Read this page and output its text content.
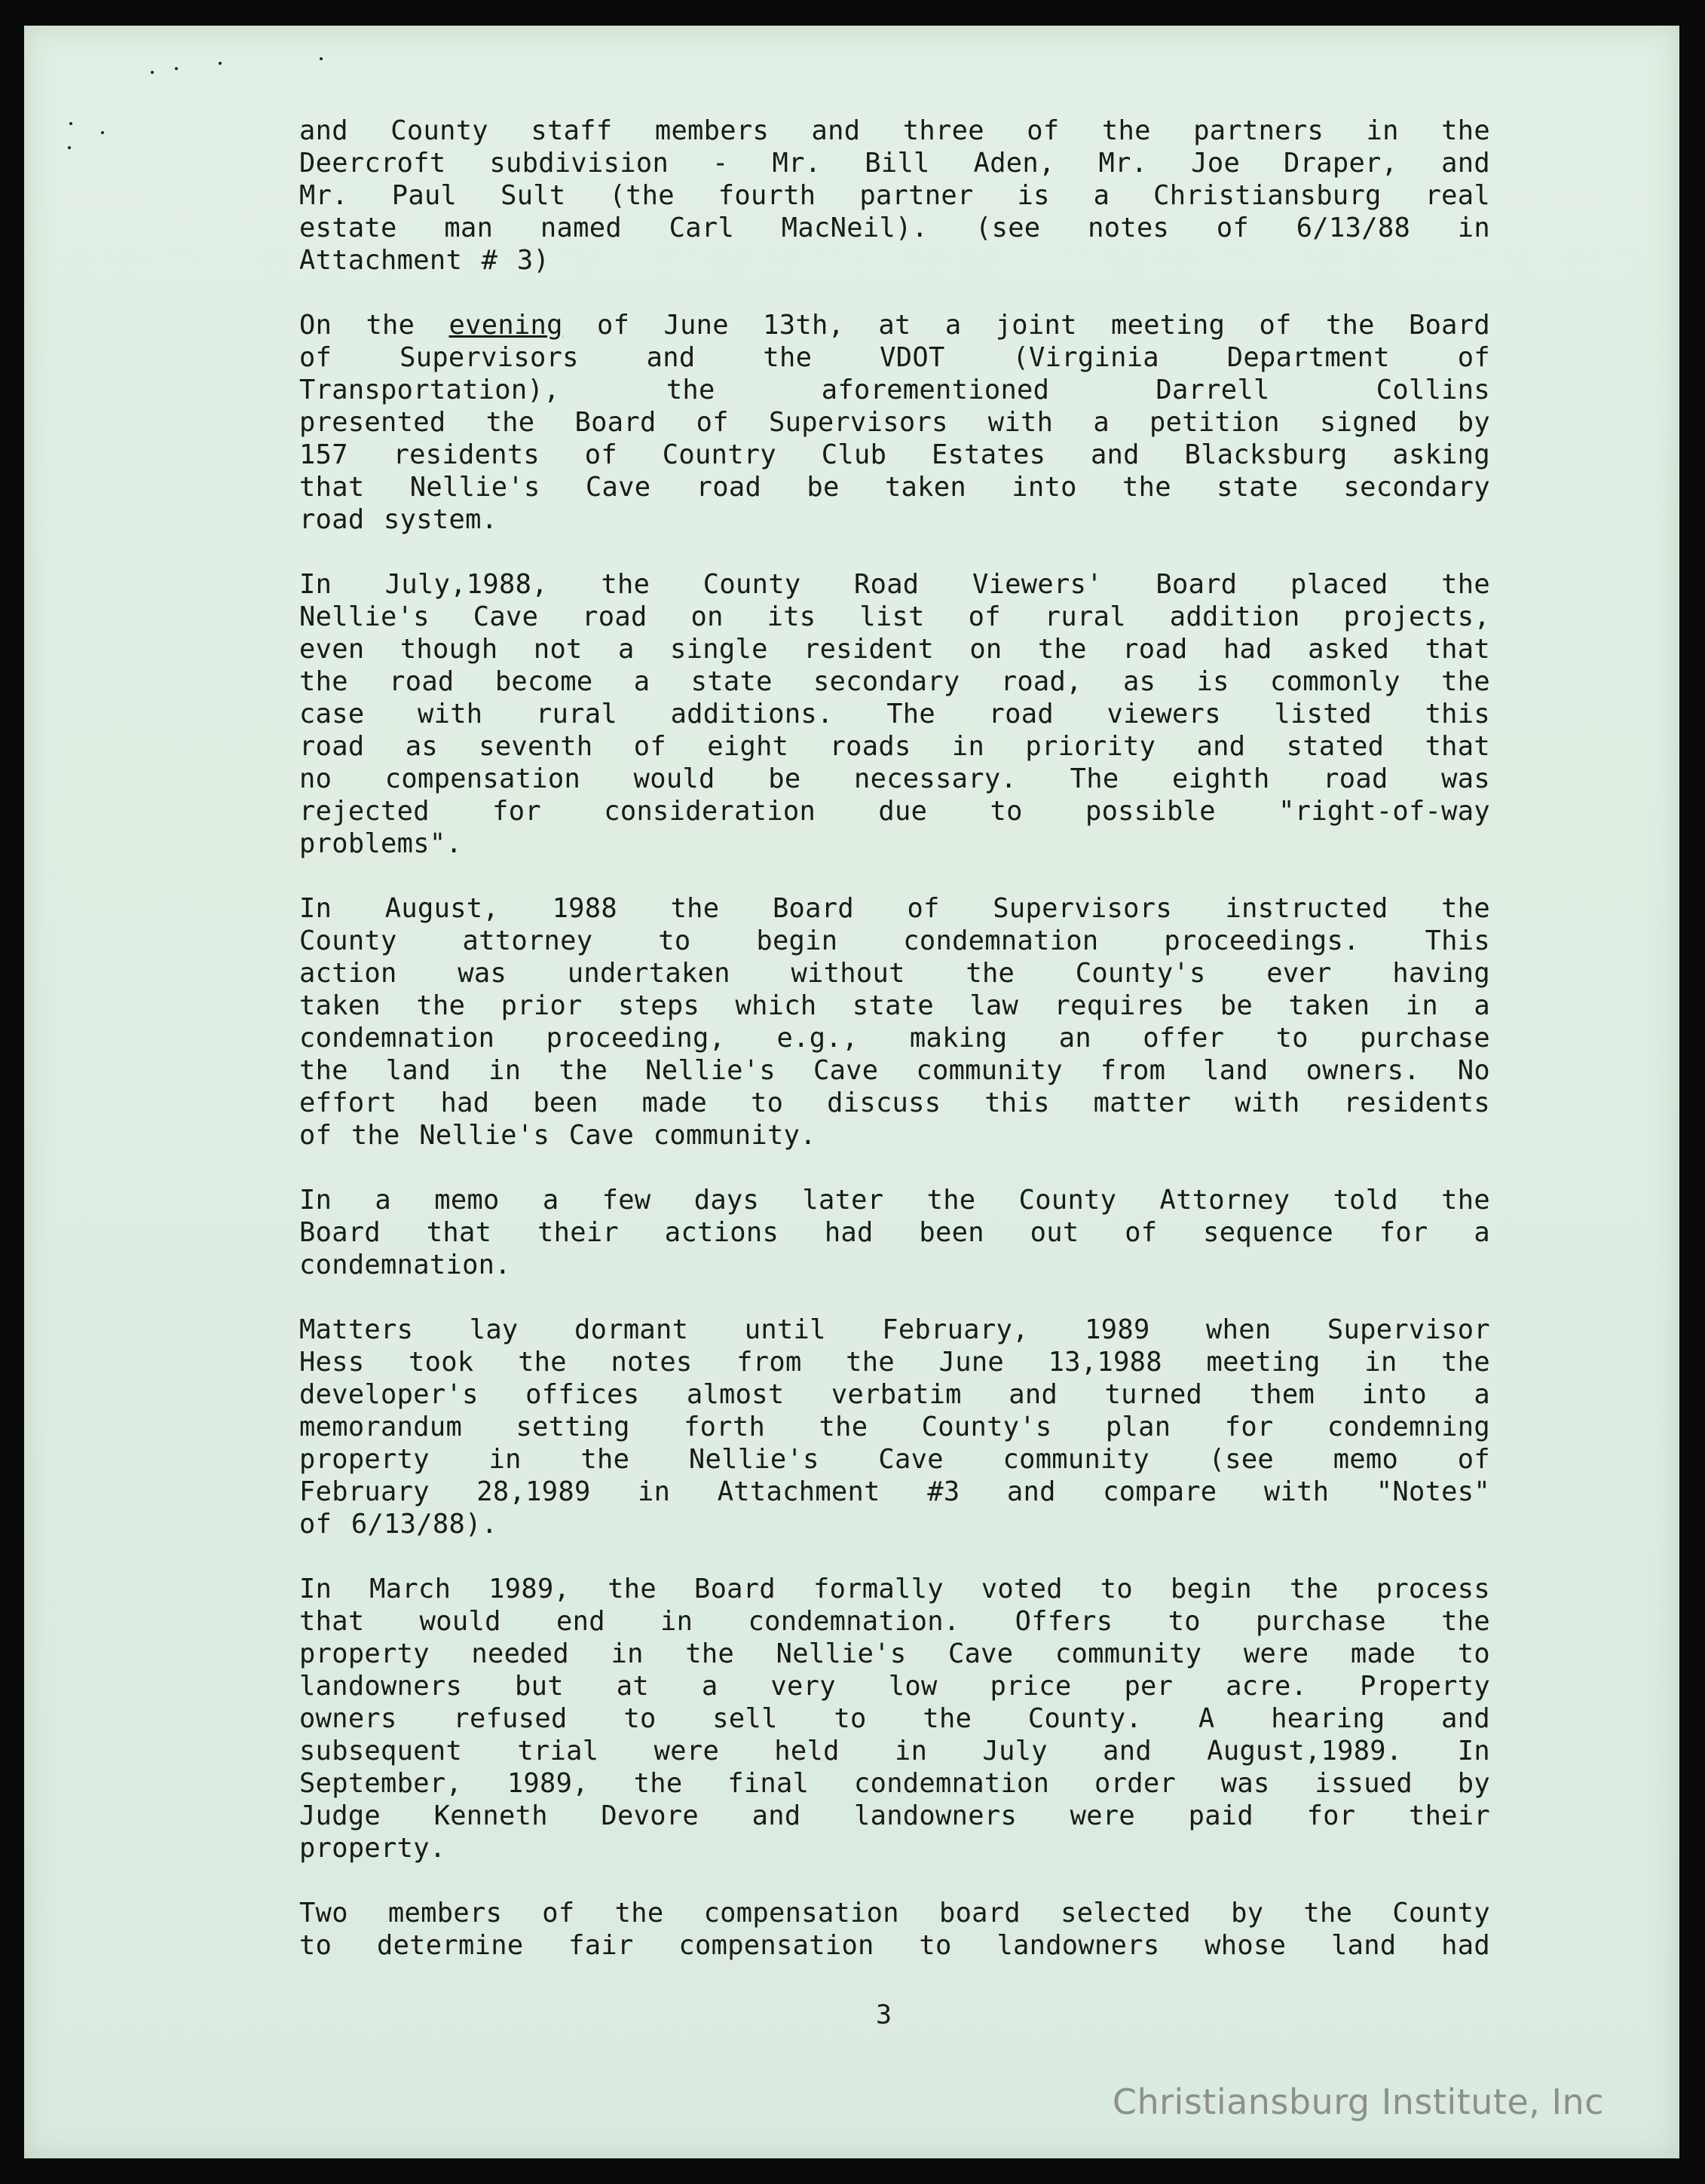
and County staff members and three of the partners in the
Deercroft subdivision - Mr. Bill Aden, Mr. Joe Draper, and
Mr. Paul Sult (the fourth partner is a Christiansburg real
estate man named Carl MacNeil). (see notes of 6/13/88 in
Attachment # 3)

On the evening of June 13th, at a joint meeting of the Board
of Supervisors and the VDOT (Virginia Department of
Transportation), the aforementioned Darrell Collins
presented the Board of Supervisors with a petition signed by
157 residents of Country Club Estates and Blacksburg asking
that Nellie's Cave road be taken into the state secondary
road system.

In July,1988, the County Road Viewers' Board placed the
Nellie's Cave road on its list of rural addition projects,
even though not a single resident on the road had asked that
the road become a state secondary road, as is commonly the
case with rural additions. The road viewers listed this
road as seventh of eight roads in priority and stated that
no compensation would be necessary. The eighth road was
rejected for consideration due to possible "right-of-way
problems".

In August, 1988 the Board of Supervisors instructed the
County attorney to begin condemnation proceedings. This
action was undertaken without the County's ever having
taken the prior steps which state law requires be taken in a
condemnation proceeding, e.g., making an offer to purchase
the land in the Nellie's Cave community from land owners. No
effort had been made to discuss this matter with residents
of the Nellie's Cave community.

In a memo a few days later the County Attorney told the
Board that their actions had been out of sequence for a
condemnation.

Matters lay dormant until February, 1989 when Supervisor
Hess took the notes from the June 13,1988 meeting in the
developer's offices almost verbatim and turned them into a
memorandum setting forth the County's plan for condemning
property in the Nellie's Cave community (see memo of
February 28,1989 in Attachment #3 and compare with "Notes"
of 6/13/88).

In March 1989, the Board formally voted to begin the process
that would end in condemnation. Offers to purchase the
property needed in the Nellie's Cave community were made to
landowners but at a very low price per acre. Property
owners refused to sell to the County. A hearing and
subsequent trial were held in July and August,1989. In
September, 1989, the final condemnation order was issued by
Judge Kenneth Devore and landowners were paid for their
property.

Two members of the compensation board selected by the County
to determine fair compensation to landowners whose land had

3
Christiansburg Institute, Inc
